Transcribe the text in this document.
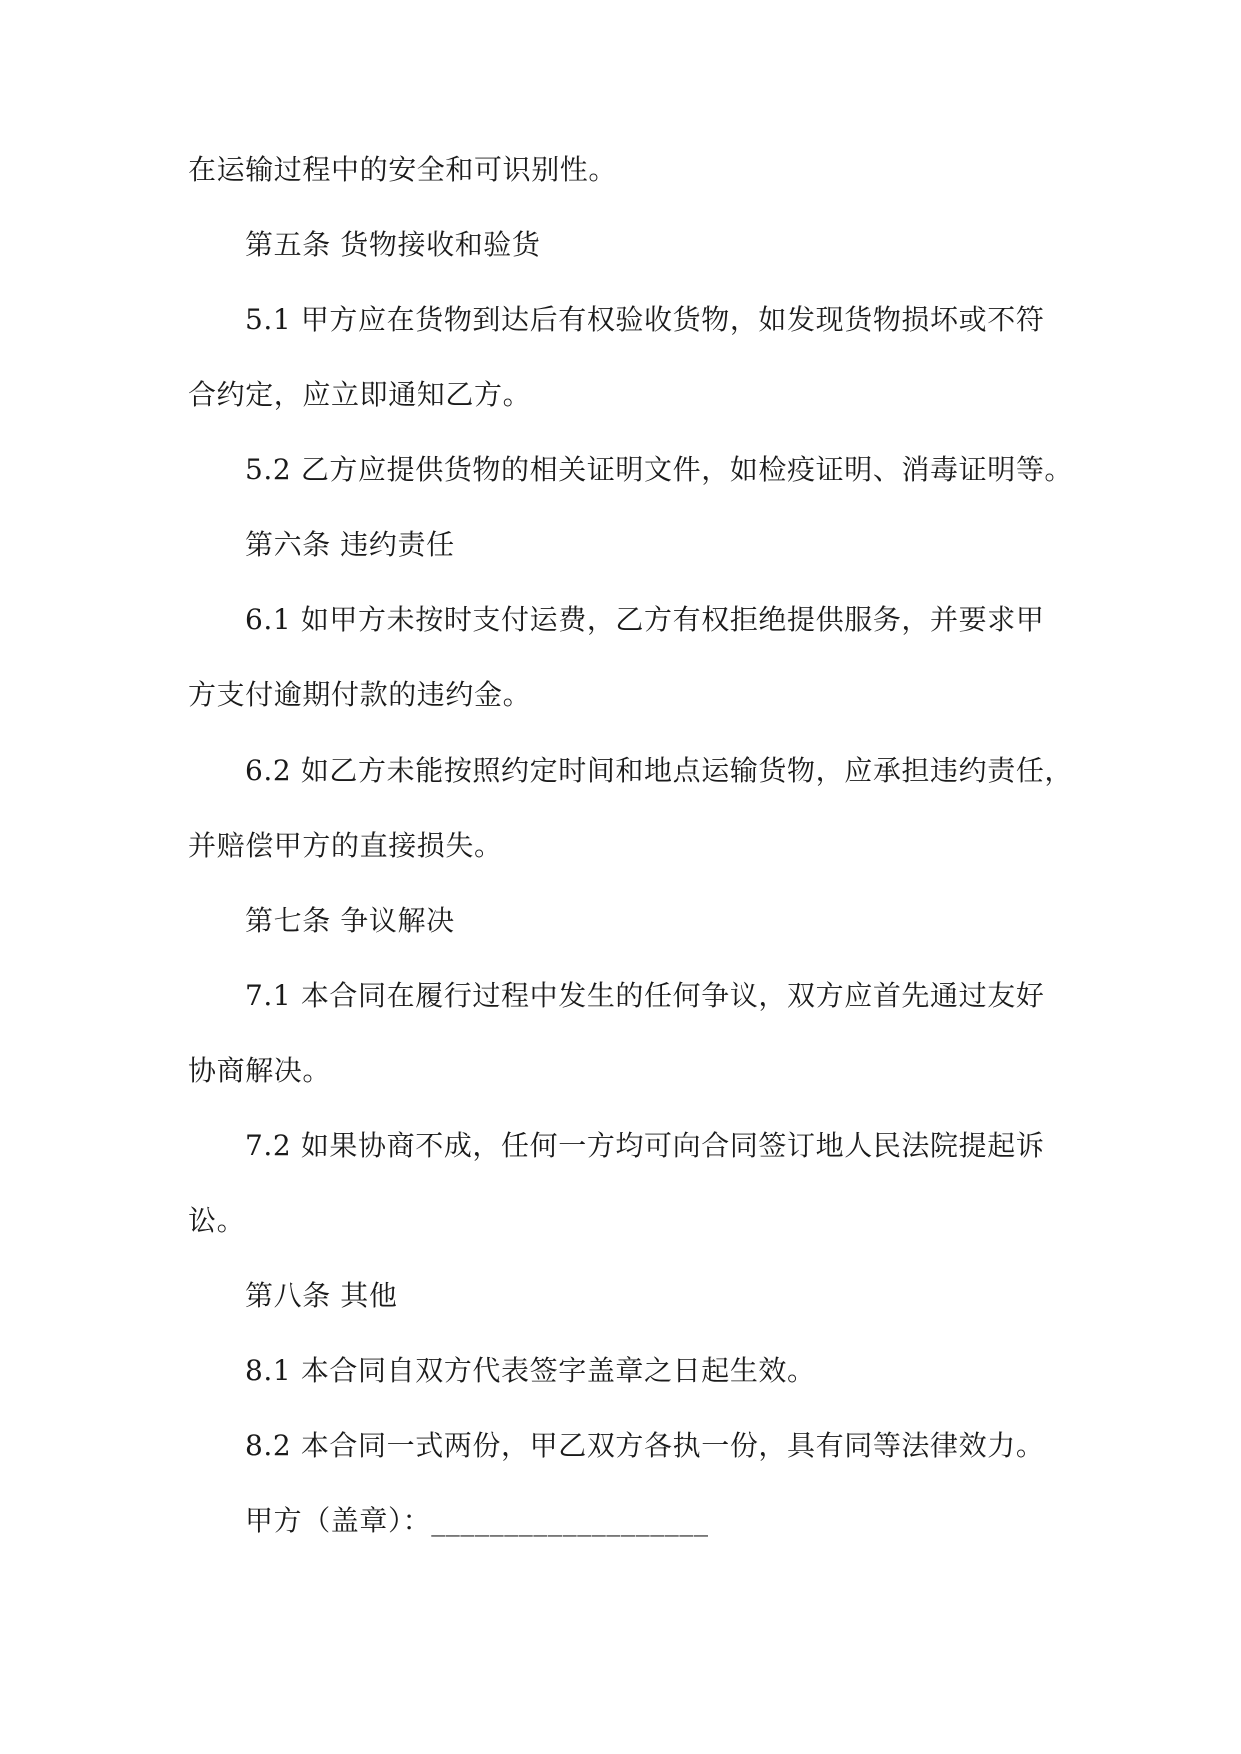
在运输过程中的安全和可识别性。

第五条 货物接收和验货

5.1 甲方应在货物到达后有权验收货物，如发现货物损坏或不符

合约定，应立即通知乙方。

5.2 乙方应提供货物的相关证明文件，如检疫证明、消毒证明等。

第六条 违约责任

6.1 如甲方未按时支付运费，乙方有权拒绝提供服务，并要求甲

方支付逾期付款的违约金。

6.2 如乙方未能按照约定时间和地点运输货物，应承担违约责任，

并赔偿甲方的直接损失。

第七条 争议解决

7.1 本合同在履行过程中发生的任何争议，双方应首先通过友好

协商解决。

7.2 如果协商不成，任何一方均可向合同签订地人民法院提起诉

讼。

第八条 其他

8.1 本合同自双方代表签字盖章之日起生效。

8.2 本合同一式两份，甲乙双方各执一份，具有同等法律效力。

甲方（盖章）：___________________
